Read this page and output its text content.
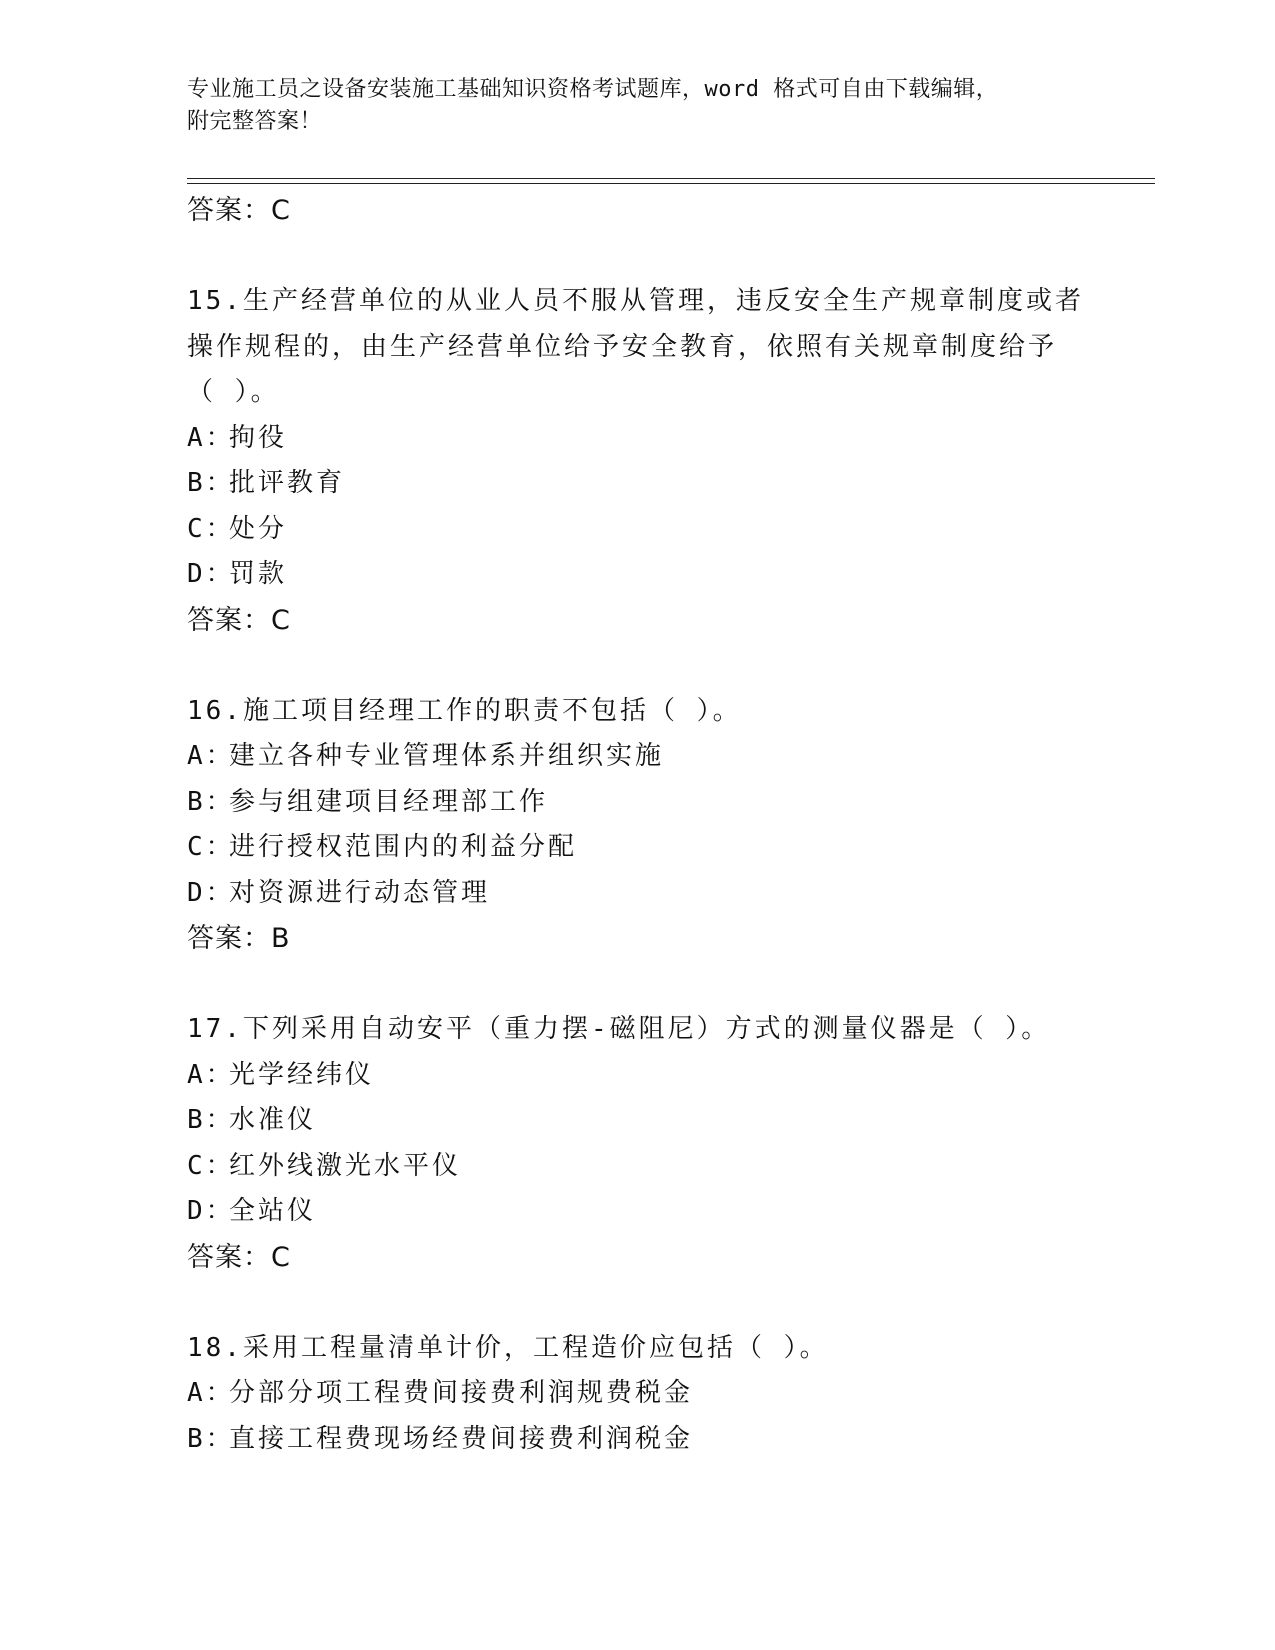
专业施工员之设备安装施工基础知识资格考试题库，word 格式可自由下载编辑，
附完整答案！
答案：C
15.生产经营单位的从业人员不服从管理，违反安全生产规章制度或者
操作规程的，由生产经营单位给予安全教育，依照有关规章制度给予
（ ）。
A：拘役
B：批评教育
C：处分
D：罚款
答案：C
16.施工项目经理工作的职责不包括（ ）。
A：建立各种专业管理体系并组织实施
B：参与组建项目经理部工作
C：进行授权范围内的利益分配
D：对资源进行动态管理
答案：B
17.下列采用自动安平（重力摆-磁阻尼）方式的测量仪器是（ ）。
A：光学经纬仪
B：水准仪
C：红外线激光水平仪
D：全站仪
答案：C
18.采用工程量清单计价，工程造价应包括（ ）。
A：分部分项工程费间接费利润规费税金
B：直接工程费现场经费间接费利润税金
